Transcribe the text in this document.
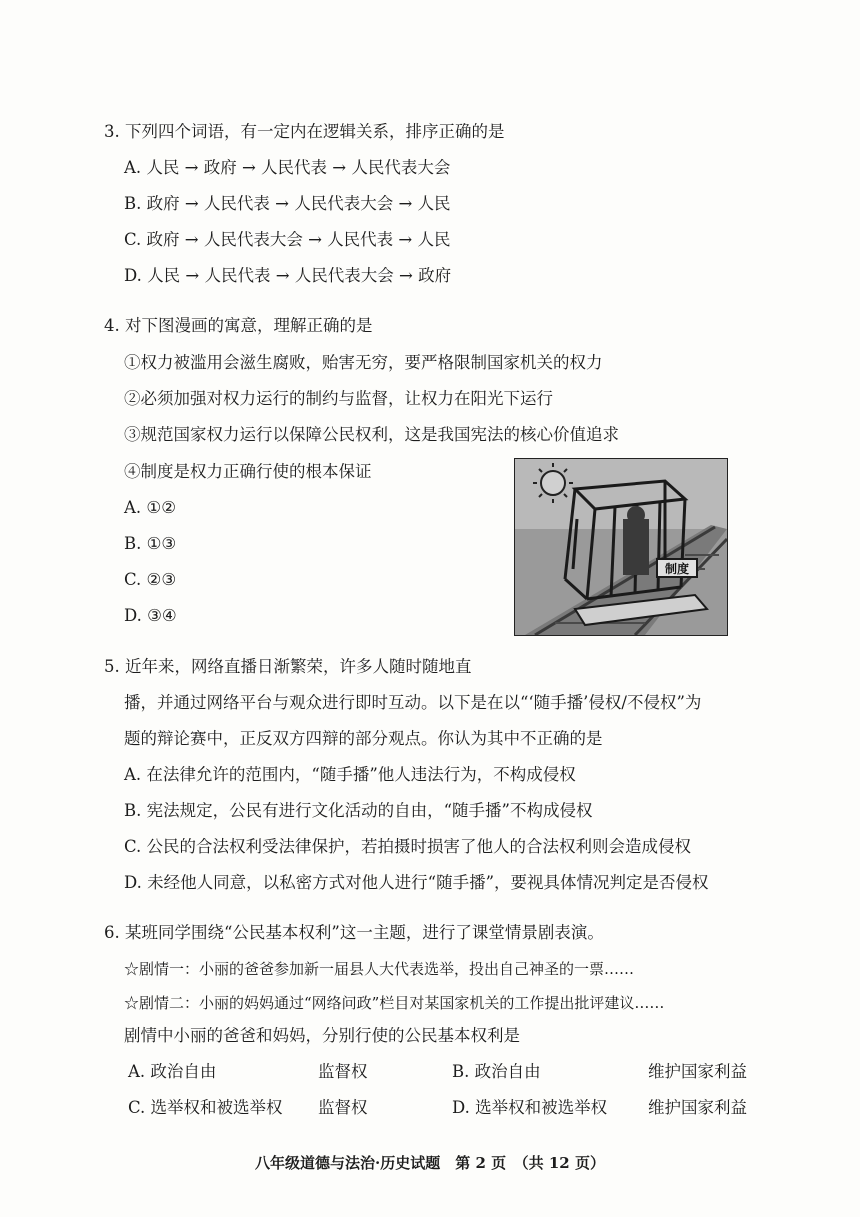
3. 下列四个词语，有一定内在逻辑关系，排序正确的是
A. 人民 → 政府 → 人民代表 → 人民代表大会
B. 政府 → 人民代表 → 人民代表大会 → 人民
C. 政府 → 人民代表大会 → 人民代表 → 人民
D. 人民 → 人民代表 → 人民代表大会 → 政府
4. 对下图漫画的寓意，理解正确的是
①权力被滥用会滋生腐败，贻害无穷，要严格限制国家机关的权力
②必须加强对权力运行的制约与监督，让权力在阳光下运行
③规范国家权力运行以保障公民权利，这是我国宪法的核心价值追求
④制度是权力正确行使的根本保证
A. ①②
B. ①③
C. ②③
D. ③④
制度
5. 近年来，网络直播日渐繁荣，许多人随时随地直
播，并通过网络平台与观众进行即时互动。以下是在以“‘随手播’侵权/不侵权”为
题的辩论赛中，正反双方四辩的部分观点。你认为其中不正确的是
A. 在法律允许的范围内，“随手播”他人违法行为，不构成侵权
B. 宪法规定，公民有进行文化活动的自由，“随手播”不构成侵权
C. 公民的合法权利受法律保护，若拍摄时损害了他人的合法权利则会造成侵权
D. 未经他人同意，以私密方式对他人进行“随手播”，要视具体情况判定是否侵权
6. 某班同学围绕“公民基本权利”这一主题，进行了课堂情景剧表演。
☆剧情一：小丽的爸爸参加新一届县人大代表选举，投出自己神圣的一票……
☆剧情二：小丽的妈妈通过“网络问政”栏目对某国家机关的工作提出批评建议……
剧情中小丽的爸爸和妈妈，分别行使的公民基本权利是
A. 政治自由	监督权	B. 政治自由	维护国家利益
C. 选举权和被选举权 监督权	D. 选举权和被选举权 维护国家利益
八年级道德与法治·历史试题　第 2 页　（共 12 页）
